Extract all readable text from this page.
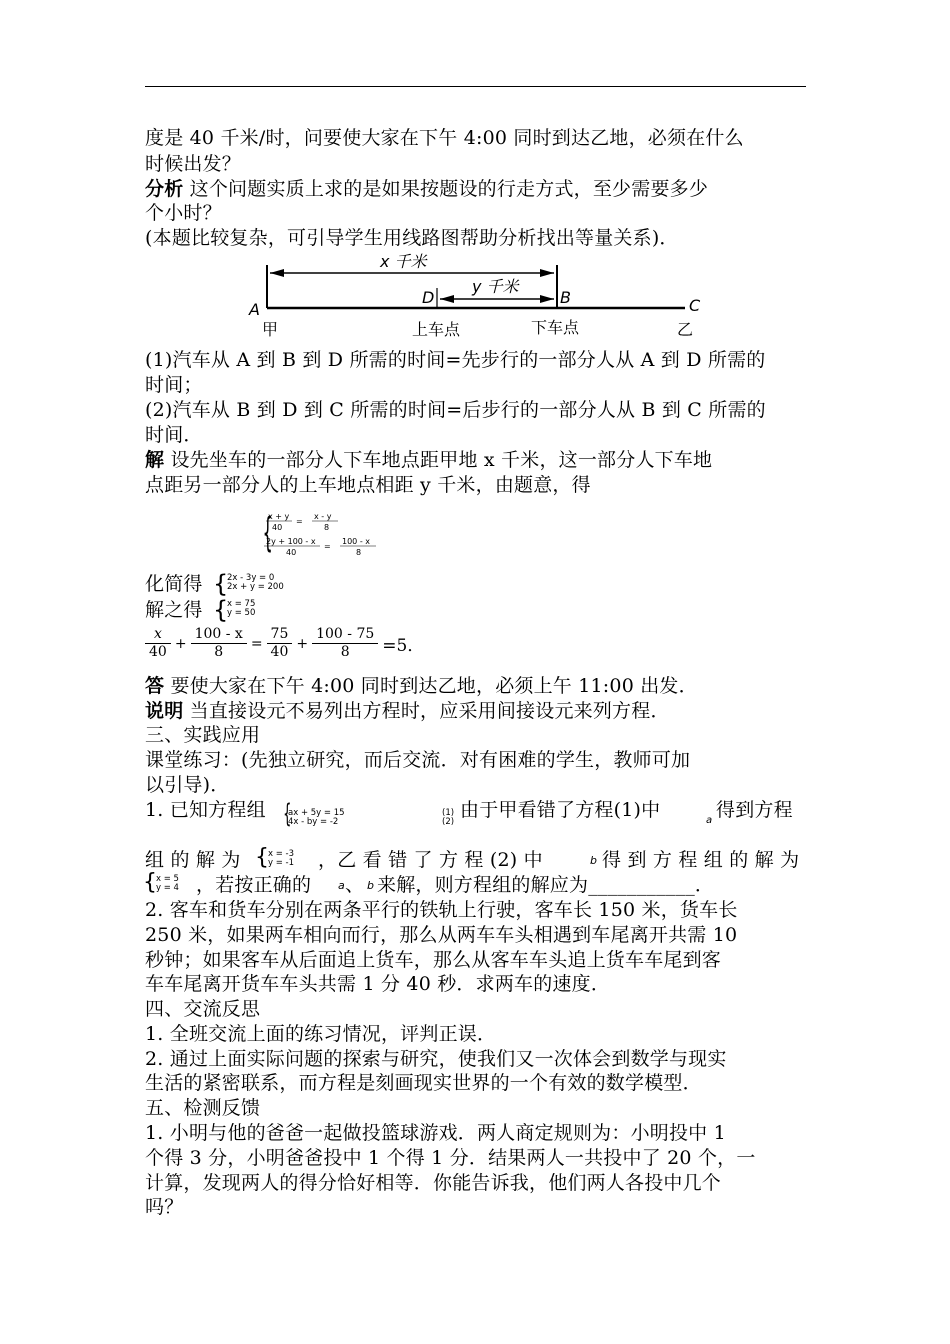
度是 40 千米/时，问要使大家在下午 4:00 同时到达乙地，必须在什么
时候出发？
分析 这个问题实质上求的是如果按题设的行走方式，至少需要多少
个小时？
(本题比较复杂，可引导学生用线路图帮助分析找出等量关系)．
x 千米
y 千米
A
D	B	C
甲	上车点	下车点	乙
(1)汽车从 A 到 B 到 D 所需的时间=先步行的一部分人从 A 到 D 所需的
时间；
(2)汽车从 B 到 D 到 C 所需的时间=后步行的一部分人从 B 到 C 所需的
时间．
解 设先坐车的一部分人下车地点距甲地 x 千米，这一部分人下车地
点距另一部分人的上车地点相距 y 千米，由题意，得
{
x + y
40
=
x - y
8
2y + 100 - x
40
=
100 - x
8
化简得 {
2x - 3y = 0
2x + y = 200
解之得 {
x = 75
y = 50
$\frac{x}{40} + \frac{100 - x}{8} = \frac{75}{40} + \frac{100 - 75}{8} =5$．
答 要使大家在下午 4:00 同时到达乙地，必须上午 11:00 出发．
说明 当直接设元不易列出方程时，应采用间接设元来列方程．
三、实践应用
课堂练习：(先独立研究，而后交流．对有困难的学生，教师可加
以引导)．
1. 已知方程组 {
ax + 5y = 15
4x - by = -2
(1)
(2)
由于甲看错了方程(1)中	a 得到方程
组 的 解 为 { x = -3
y = -1 ，乙 看 错 了 方 程 (2) 中	b 得 到 方 程 组 的 解 为
{ x = 5
y = 4 ，若按正确的 a 、 b 来解，则方程组的解应为___________．
2. 客车和货车分别在两条平行的铁轨上行驶，客车长 150 米，货车长
250 米，如果两车相向而行，那么从两车车头相遇到车尾离开共需 10
秒钟；如果客车从后面追上货车，那么从客车车头追上货车车尾到客
车车尾离开货车车头共需 1 分 40 秒．求两车的速度．
四、交流反思
1. 全班交流上面的练习情况，评判正误．
2. 通过上面实际问题的探索与研究，使我们又一次体会到数学与现实
生活的紧密联系，而方程是刻画现实世界的一个有效的数学模型．
五、检测反馈
1. 小明与他的爸爸一起做投篮球游戏．两人商定规则为：小明投中 1
个得 3 分，小明爸爸投中 1 个得 1 分．结果两人一共投中了 20 个，一
计算，发现两人的得分恰好相等．你能告诉我，他们两人各投中几个
吗？
